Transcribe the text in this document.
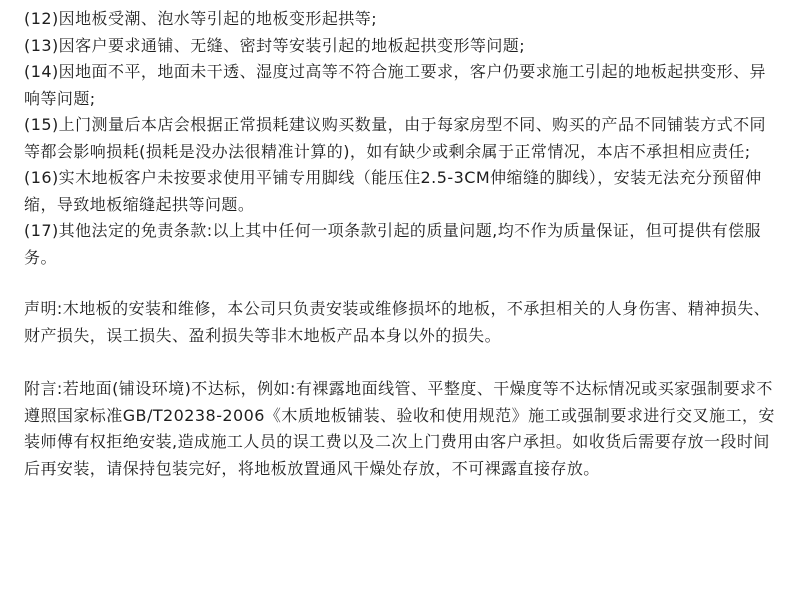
(12)因地板受潮、泡水等引起的地板变形起拱等;

(13)因客户要求通铺、无缝、密封等安装引起的地板起拱变形等问题;

(14)因地面不平，地面未干透、湿度过高等不符合施工要求，客户仍要求施工引起的地板起拱变形、异响等问题;

(15)上门测量后本店会根据正常损耗建议购买数量，由于每家房型不同、购买的产品不同铺装方式不同等都会影响损耗(损耗是没办法很精准计算的)，如有缺少或剩余属于正常情况，本店不承担相应责任;

(16)实木地板客户未按要求使用平铺专用脚线（能压住2.5-3CM伸缩缝的脚线），安装无法充分预留伸缩，导致地板缩缝起拱等问题。

(17)其他法定的免责条款:以上其中任何一项条款引起的质量问题,均不作为质量保证，但可提供有偿服务。

声明:木地板的安装和维修，本公司只负责安装或维修损坏的地板，不承担相关的人身伤害、精神损失、财产损失，误工损失、盈利损失等非木地板产品本身以外的损失。

附言:若地面(铺设环境)不达标，例如:有裸露地面线管、平整度、干燥度等不达标情况或买家强制要求不遵照国家标准GB/T20238-2006《木质地板铺装、验收和使用规范》施工或强制要求进行交叉施工，安装师傅有权拒绝安装,造成施工人员的误工费以及二次上门费用由客户承担。如收货后需要存放一段时间后再安装，请保持包装完好，将地板放置通风干燥处存放，不可裸露直接存放。
